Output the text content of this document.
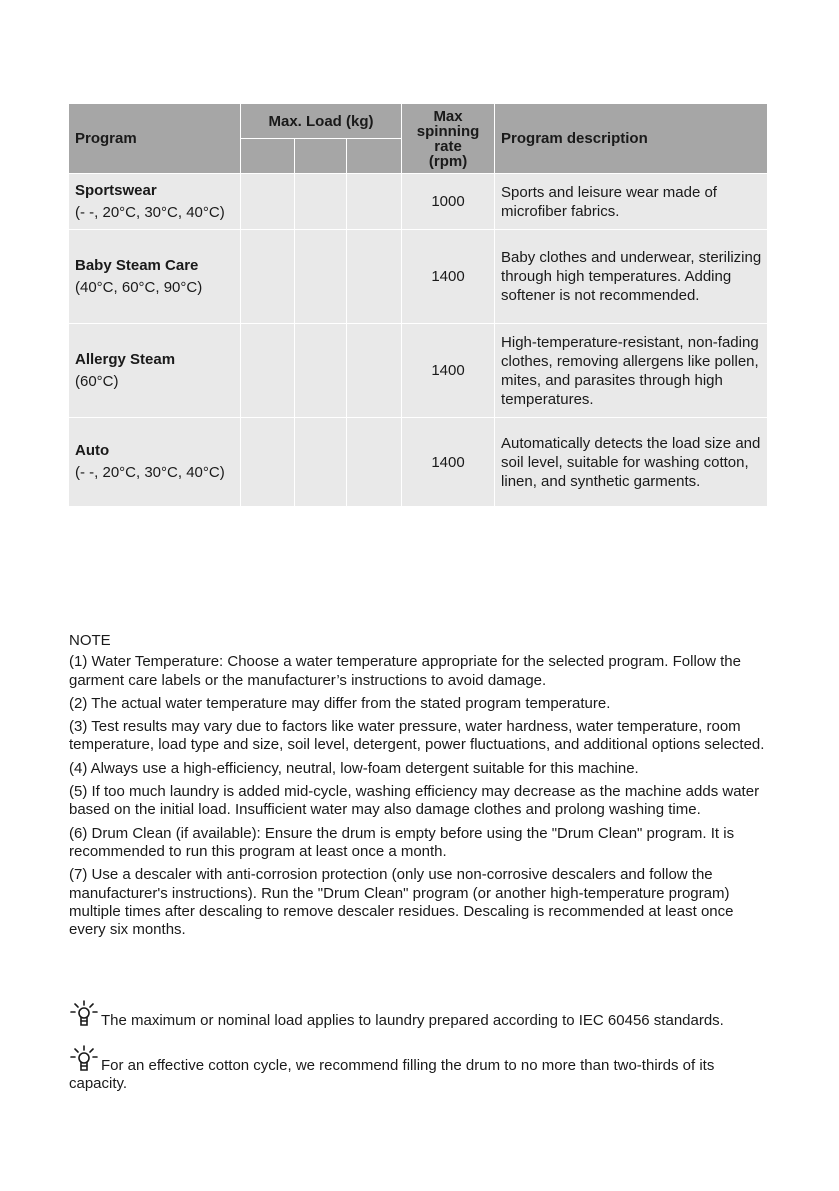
Program	Max. Load (kg)			Max
spinning
rate
(rpm)	Program description

Sportswear
(- -, 20°C, 30°C, 40°C)				1000	Sports and leisure wear made of microfiber fabrics.

Baby Steam Care
(40°C, 60°C, 90°C)				1400	Baby clothes and underwear, sterilizing through high temperatures. Adding softener is not recommended.

Allergy Steam
(60°C)				1400	High-temperature-resistant, non-fading clothes, removing allergens like pollen, mites, and parasites through high temperatures.

Auto
(- -, 20°C, 30°C, 40°C)				1400	Automatically detects the load size and soil level, suitable for washing cotton, linen, and synthetic garments.
NOTE

(1) Water Temperature: Choose a water temperature appropriate for the selected program. Follow the garment care labels or the manufacturer’s instructions to avoid damage.

(2) The actual water temperature may differ from the stated program temperature.

(3) Test results may vary due to factors like water pressure, water hardness, water temperature, room temperature, load type and size, soil level, detergent, power fluctuations, and additional options selected.

(4) Always use a high-efficiency, neutral, low-foam detergent suitable for this machine.

(5) If too much laundry is added mid-cycle, washing efficiency may decrease as the machine adds water based on the initial load. Insufficient water may also damage clothes and prolong washing time.

(6) Drum Clean (if available): Ensure the drum is empty before using the "Drum Clean" program. It is recommended to run this program at least once a month.

(7) Use a descaler with anti-corrosion protection (only use non-corrosive descalers and follow the manufacturer's instructions). Run the "Drum Clean" program (or another high-temperature program) multiple times after descaling to remove descaler residues. Descaling is recommended at least once every six months.

The maximum or nominal load applies to laundry prepared according to IEC 60456 standards.
For an effective cotton cycle, we recommend filling the drum to no more than two-thirds of its capacity.
